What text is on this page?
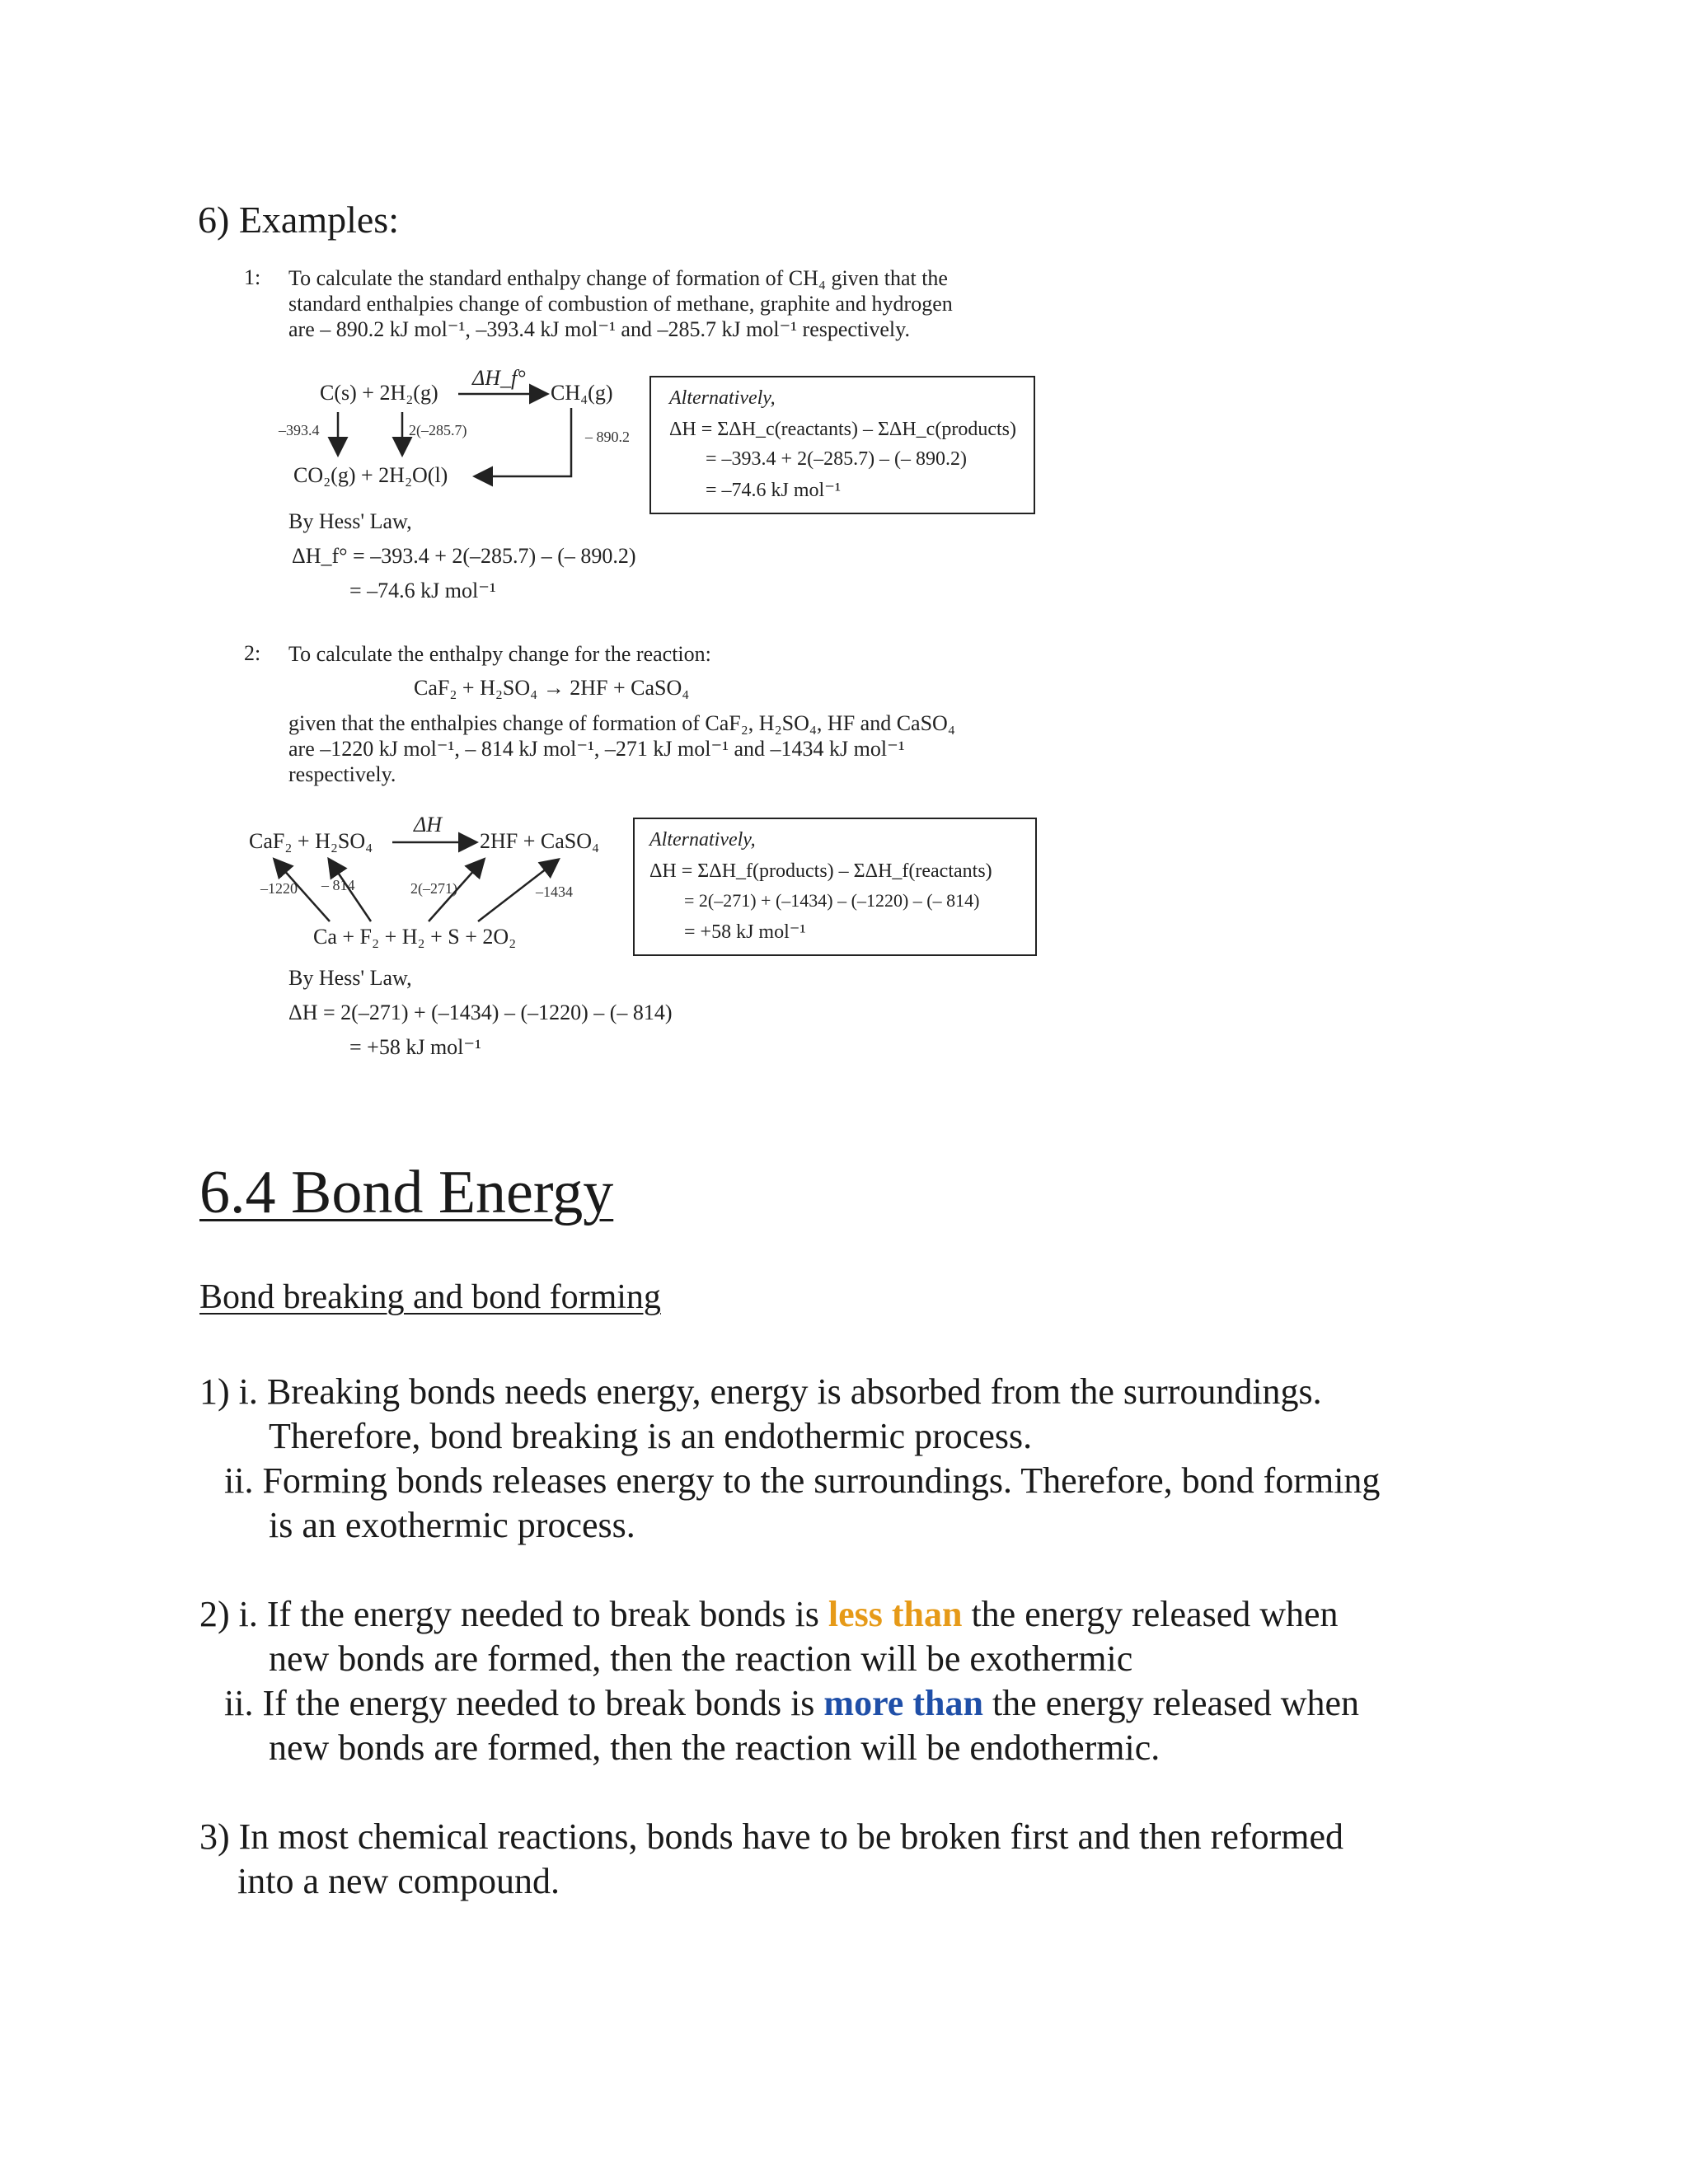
6) Examples:
1: To calculate the standard enthalpy change of formation of CH₄ given that the
standard enthalpies change of combustion of methane, graphite and hydrogen
are – 890.2 kJ mol⁻¹, –393.4 kJ mol⁻¹ and –285.7 kJ mol⁻¹ respectively.
C(s) + 2H₂(g)
ΔH_f°
CH₄(g)
–393.4	2(–285.7)	– 890.2
CO₂(g) + 2H₂O(l)
By Hess' Law,
ΔH_f° = –393.4 + 2(–285.7) – (– 890.2)
= –74.6 kJ mol⁻¹
Alternatively,
ΔH = ΣΔH_c(reactants) – ΣΔH_c(products)
= –393.4 + 2(–285.7) – (– 890.2)
= –74.6 kJ mol⁻¹
2: To calculate the enthalpy change for the reaction:
CaF₂ + H₂SO₄ → 2HF + CaSO₄
given that the enthalpies change of formation of CaF₂, H₂SO₄, HF and CaSO₄
are –1220 kJ mol⁻¹, – 814 kJ mol⁻¹, –271 kJ mol⁻¹ and –1434 kJ mol⁻¹
respectively.
CaF₂ + H₂SO₄
ΔH
2HF + CaSO₄
–1220 – 814	2(–271)	–1434
Ca + F₂ + H₂ + S + 2O₂
By Hess' Law,
ΔH = 2(–271) + (–1434) – (–1220) – (– 814)
= +58 kJ mol⁻¹
Alternatively,
ΔH = ΣΔH_f(products) – ΣΔH_f(reactants)
= 2(–271) + (–1434) – (–1220) – (– 814)
= +58 kJ mol⁻¹
6.4 Bond Energy
Bond breaking and bond forming
1) i. Breaking bonds needs energy, energy is absorbed from the surroundings.
Therefore, bond breaking is an endothermic process.
ii. Forming bonds releases energy to the surroundings. Therefore, bond forming
is an exothermic process.
2) i. If the energy needed to break bonds is less than the energy released when
new bonds are formed, then the reaction will be exothermic
ii. If the energy needed to break bonds is more than the energy released when
new bonds are formed, then the reaction will be endothermic.
3) In most chemical reactions, bonds have to be broken first and then reformed
into a new compound.
